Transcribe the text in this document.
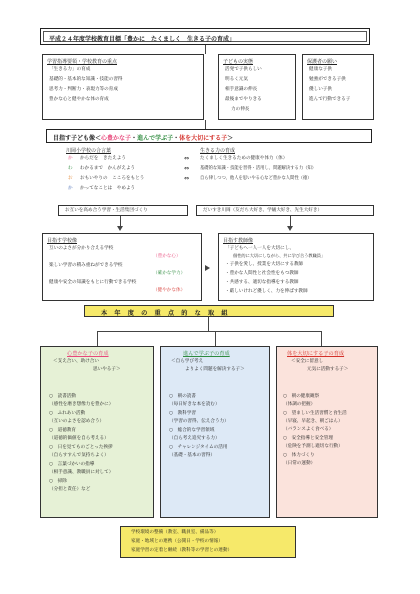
平成２４年度学校教育目標「豊かに　たくましく　生きる子の育成」
学習指導要領・学校教育の重点
「生きる力」の育成
基礎的・基本的な知識・技能の習得
思考力・判断力・表現力等の育成
豊かな心と健やかな体の育成
子どもの実態
活発で子供らしい
明るく元気
相手意識の伸長
最後までやりきる
力の伸長
保護者の願い
健康な子供
勉強ができる子供
優しい子供
進んで行動できる子
目指す子ども像＜心豊かな子・進んで学ぶ子・体を大切にする子＞
川岡小学校の合言葉
か からだを　きたえよう
わ わかるまで　かんがえよう
お おもいやりの　こころをもとう
か かってなことは　やめよう
⇔
⇔
⇔
生きる力の育成
たくましく生きるための健康や体力（体）
基礎的な知識・技能を習得・活用し、問題解決する力（知）
自ら律しつつ、他人を思いやる心など豊かな人間性（徳）
お互いを高め合う学習・生活集団づくり	だいすき川岡（友だち大好き、学級大好き、先生大好き）
目指す学校像
互いのよさが分かり合える学校
（豊かな心）
楽しい学習の積み重ねができる学校
（確かな学力）
健康や安全の知識をもとに行動できる学校
（健やかな体）
目指す教師像
「子どもへ一人一人を大切にし、
個性的に大切にしながら、共に学び合う教職員」
・子供を愛し、授業を大切にする教師
・豊かな人間性と社会性をもつ教師
・共感する、適切な指導をする教師
・厳しいけれど優しく、力を伸ばす教師
本　年　度　の　重　点　的　な　取　組
心豊かな子の育成
＜支え合い、助け合い
思いやる子＞
○　読書活動
（感性を磨き想像力を豊かに）
○　ふれあい活動
（互いのよさを認め合う）
○　道徳教育
（道徳的価値を自ら考える）
○　日を見てものごとった挨拶
（自らすすんで気持ちよく）
○　言葉づかいの指導
（相手意識、教職員に対して）
○　掃除
（分担と責任）など
進んで学ぶ子の育成
＜自ら学び考え
よりよく問題を解決する子＞
○　朝の読書
（毎日好きな本を読む）
○　教科学習
（学習の習得、伝え合う力）
○　総合的な学習領域
（自ら考え追究する力）
○　チャレンジタイムの活用
（基礎・基本の習得）
体を大切にする子の育成
＜安全に留意し
元気に活動する子＞
○　朝の健康観察
（体調の把握）
○　望ましい生活習慣と食生活
（早寝、早起き、朝ごはん）
（バランスよく食べる）
○　安全指導と安全管理
（危険を予測し適切な行動）
○　体力づくり
（日常の運動）
学校環境の整備（教室、職員室、備品等）
家庭・地域との連携（公開日・学校の情報）
家庭学習の定着と継続（教科等の学習との連動）
